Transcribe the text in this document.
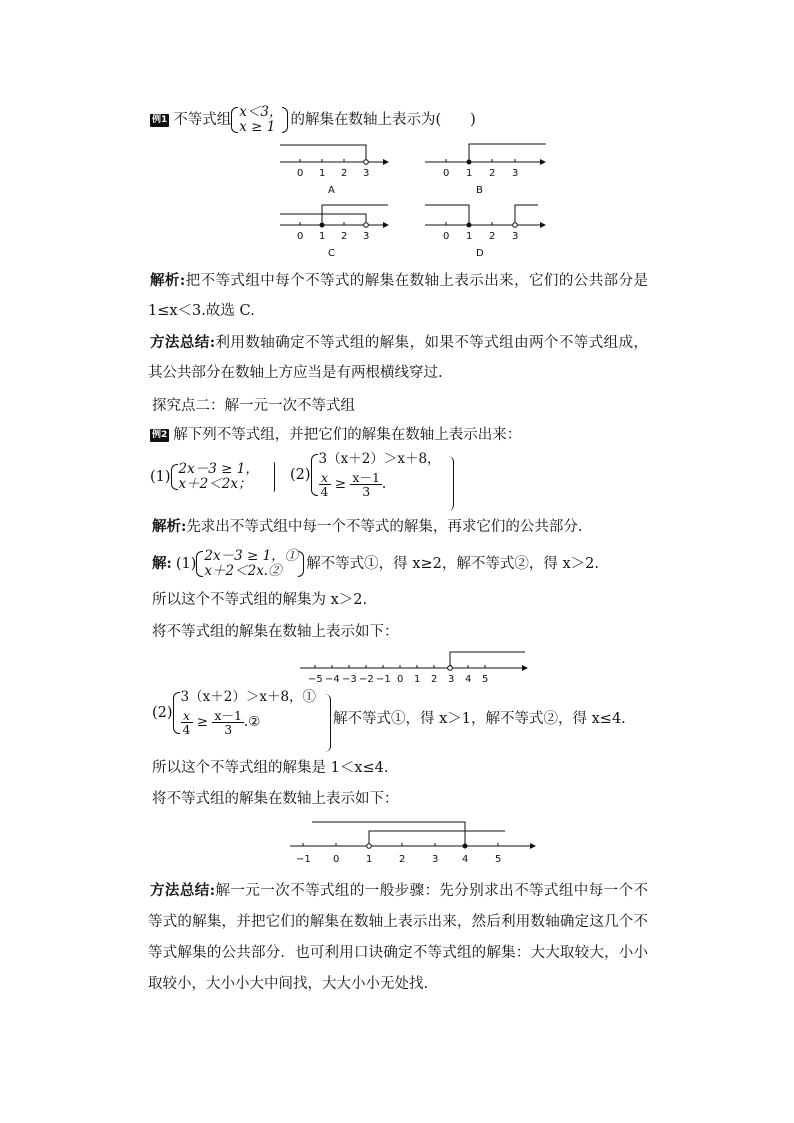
例1 不等式组 x＜3，
x ≥ 1	的解集在数轴上表示为(　　)
0 1 2 3
A
0 1 2 3
B
0 1 2 3
C
0 1 2 3
D
解析:把不等式组中每个不等式的解集在数轴上表示出来，它们的公共部分是 1≤x＜3.故选 C.
方法总结:利用数轴确定不等式组的解集，如果不等式组由两个不等式组成，其公共部分在数轴上方应当是有两根横线穿过.
探究点二：解一元一次不等式组
例2 解下列不等式组，并把它们的解集在数轴上表示出来：
(1) 2x－3 ≥ 1，
x＋2＜2x；
(2)
3（x＋2）＞x＋8，
$\frac{x}{4} \ge \frac{x-1}{3}$ .
解析:先求出不等式组中每一个不等式的解集，再求它们的公共部分.
解: (1) 2x－3 ≥ 1，①
x＋2＜2x.②	解不等式①，得 x≥2，解不等式②，得 x＞2.
所以这个不等式组的解集为 x＞2.
将不等式组的解集在数轴上表示如下：
−5 −4 −3 −2 −1 0 1 2 3 4 5
(2)
3（x＋2）＞x＋8，①
$\frac{x}{4} \ge \frac{x-1}{3}$ .②	解不等式①，得 x＞1，解不等式②，得 x≤4.
所以这个不等式组的解集是 1＜x≤4.
将不等式组的解集在数轴上表示如下：
−1 0	1	2	3 4	5
方法总结:解一元一次不等式组的一般步骤：先分别求出不等式组中每一个不等式的解集，并把它们的解集在数轴上表示出来，然后利用数轴确定这几个不等式解集的公共部分．也可利用口诀确定不等式组的解集：大大取较大，小小取较小，大小小大中间找，大大小小无处找.
